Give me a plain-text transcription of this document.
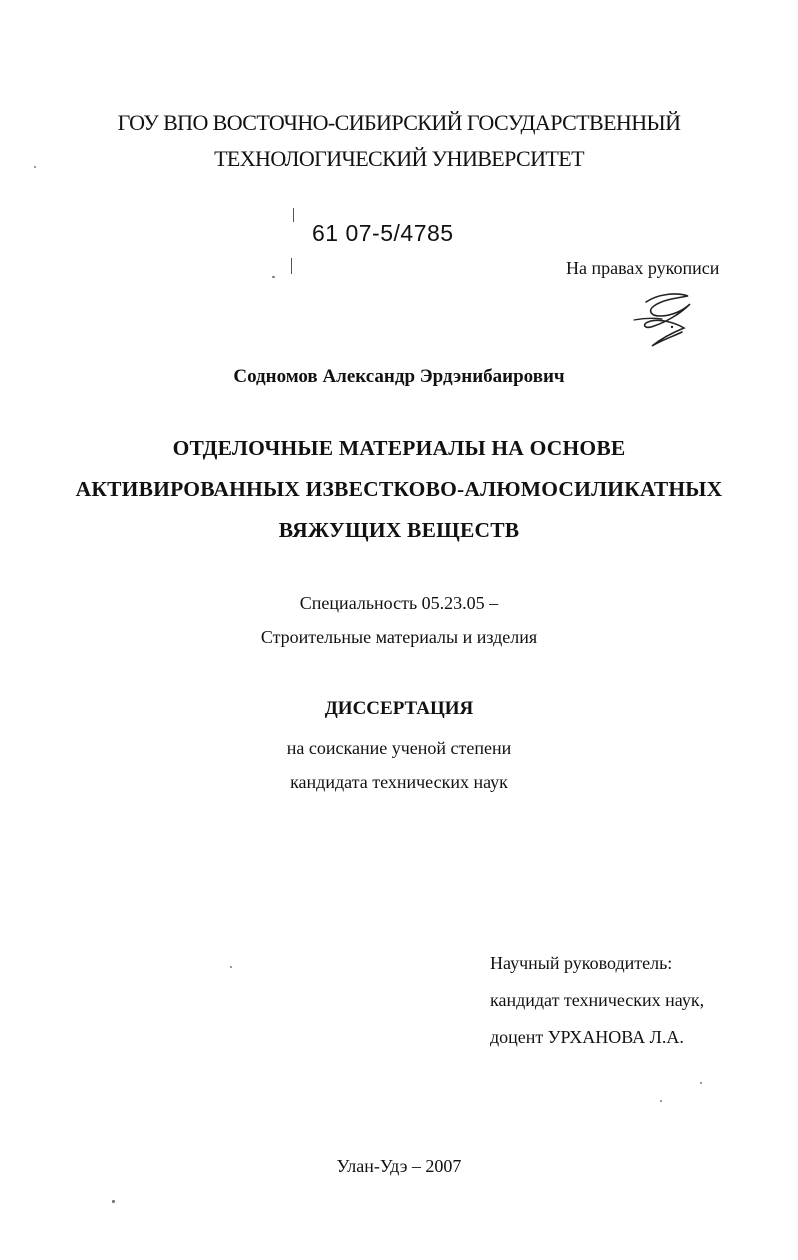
ГОУ ВПО ВОСТОЧНО-СИБИРСКИЙ ГОСУДАРСТВЕННЫЙ
ТЕХНОЛОГИЧЕСКИЙ УНИВЕРСИТЕТ
61 07-5/4785
На правах рукописи
Содномов Александр Эрдэнибаирович
ОТДЕЛОЧНЫЕ МАТЕРИАЛЫ НА ОСНОВЕ
АКТИВИРОВАННЫХ ИЗВЕСТКОВО-АЛЮМОСИЛИКАТНЫХ
ВЯЖУЩИХ ВЕЩЕСТВ
Специальность 05.23.05 –
Строительные материалы и изделия
ДИССЕРТАЦИЯ
на соискание ученой степени
кандидата технических наук
Научный руководитель:
кандидат технических наук,
доцент УРХАНОВА Л.А.
Улан-Удэ – 2007
